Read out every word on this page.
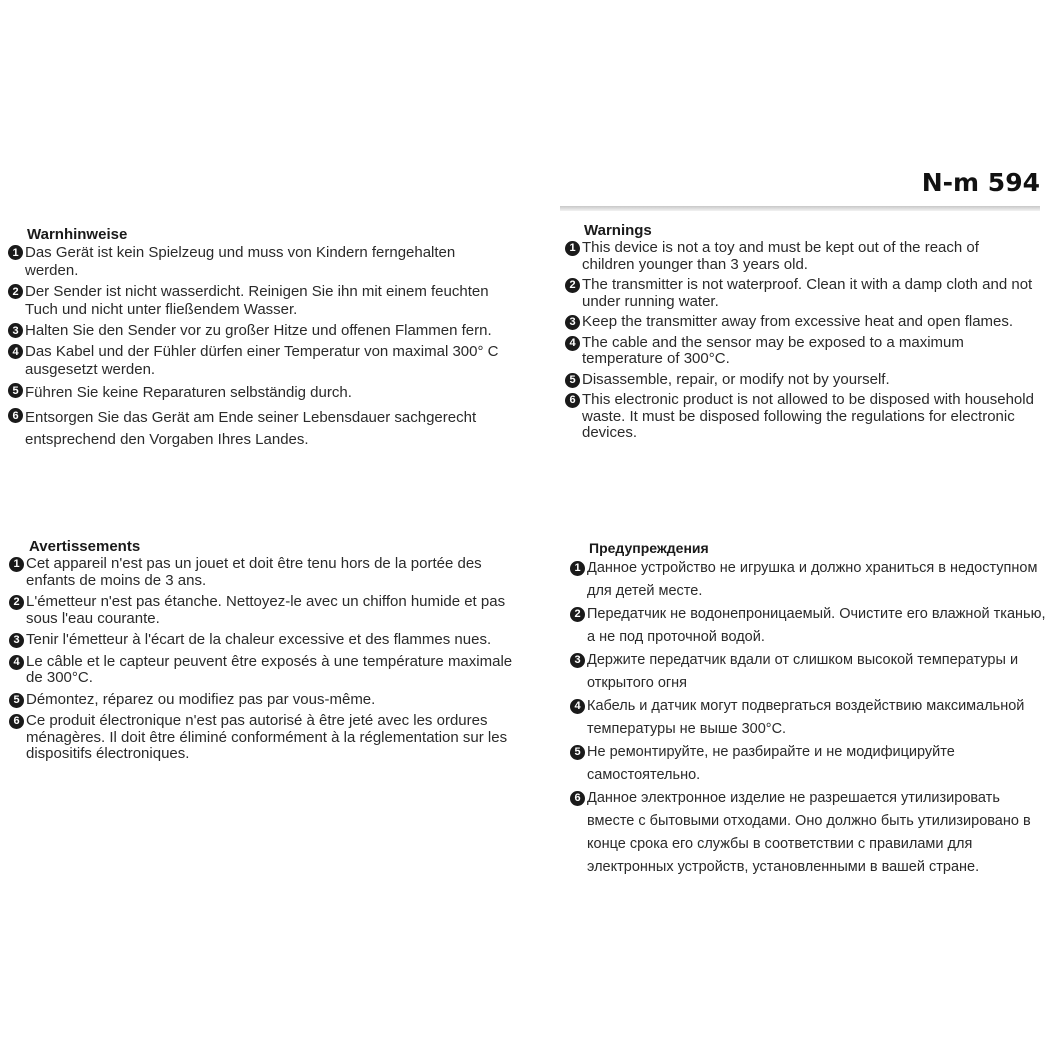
N-m 594
Warnhinweise
1 Das Gerät ist kein Spielzeug und muss von Kindern ferngehalten werden.
2 Der Sender ist nicht wasserdicht. Reinigen Sie ihn mit einem feuchten Tuch und nicht unter fließendem Wasser.
3 Halten Sie den Sender vor zu großer Hitze und offenen Flammen fern.
4 Das Kabel und der Fühler dürfen einer Temperatur von maximal 300° C ausgesetzt werden.
5 Führen Sie keine Reparaturen selbständig durch.
6 Entsorgen Sie das Gerät am Ende seiner Lebensdauer sachgerecht entsprechend den Vorgaben Ihres Landes.
Warnings
1 This device is not a toy and must be kept out of the reach of children younger than 3 years old.
2 The transmitter is not waterproof. Clean it with a damp cloth and not under running water.
3 Keep the transmitter away from excessive heat and open flames.
4 The cable and the sensor may be exposed to a maximum temperature of 300°C.
5 Disassemble, repair, or modify not by yourself.
6 This electronic product is not allowed to be disposed with household waste. It must be disposed following the regulations for electronic devices.
Avertissements
1 Cet appareil n'est pas un jouet et doit être tenu hors de la portée des enfants de moins de 3 ans.
2 L'émetteur n'est pas étanche. Nettoyez-le avec un chiffon humide et pas sous l'eau courante.
3 Tenir l'émetteur à l'écart de la chaleur excessive et des flammes nues.
4 Le câble et le capteur peuvent être exposés à une température maximale de 300°C.
5 Démontez, réparez ou modifiez pas par vous-même.
6 Ce produit électronique n'est pas autorisé à être jeté avec les ordures ménagères. Il doit être éliminé conformément à la réglementation sur les dispositifs électroniques.
Предупреждения
1 Данное устройство не игрушка и должно храниться в недоступном для детей месте.
2 Передатчик не водонепроницаемый. Очистите его влажной тканью, а не под проточной водой.
3 Держите передатчик вдали от слишком высокой температуры и открытого огня
4 Кабель и датчик могут подвергаться воздействию максимальной температуры не выше 300°C.
5 Не ремонтируйте, не разбирайте и не модифицируйте самостоятельно.
6 Данное электронное изделие не разрешается утилизировать вместе с бытовыми отходами. Оно должно быть утилизировано в конце срока его службы в соответствии с правилами для электронных устройств, установленными в вашей стране.
